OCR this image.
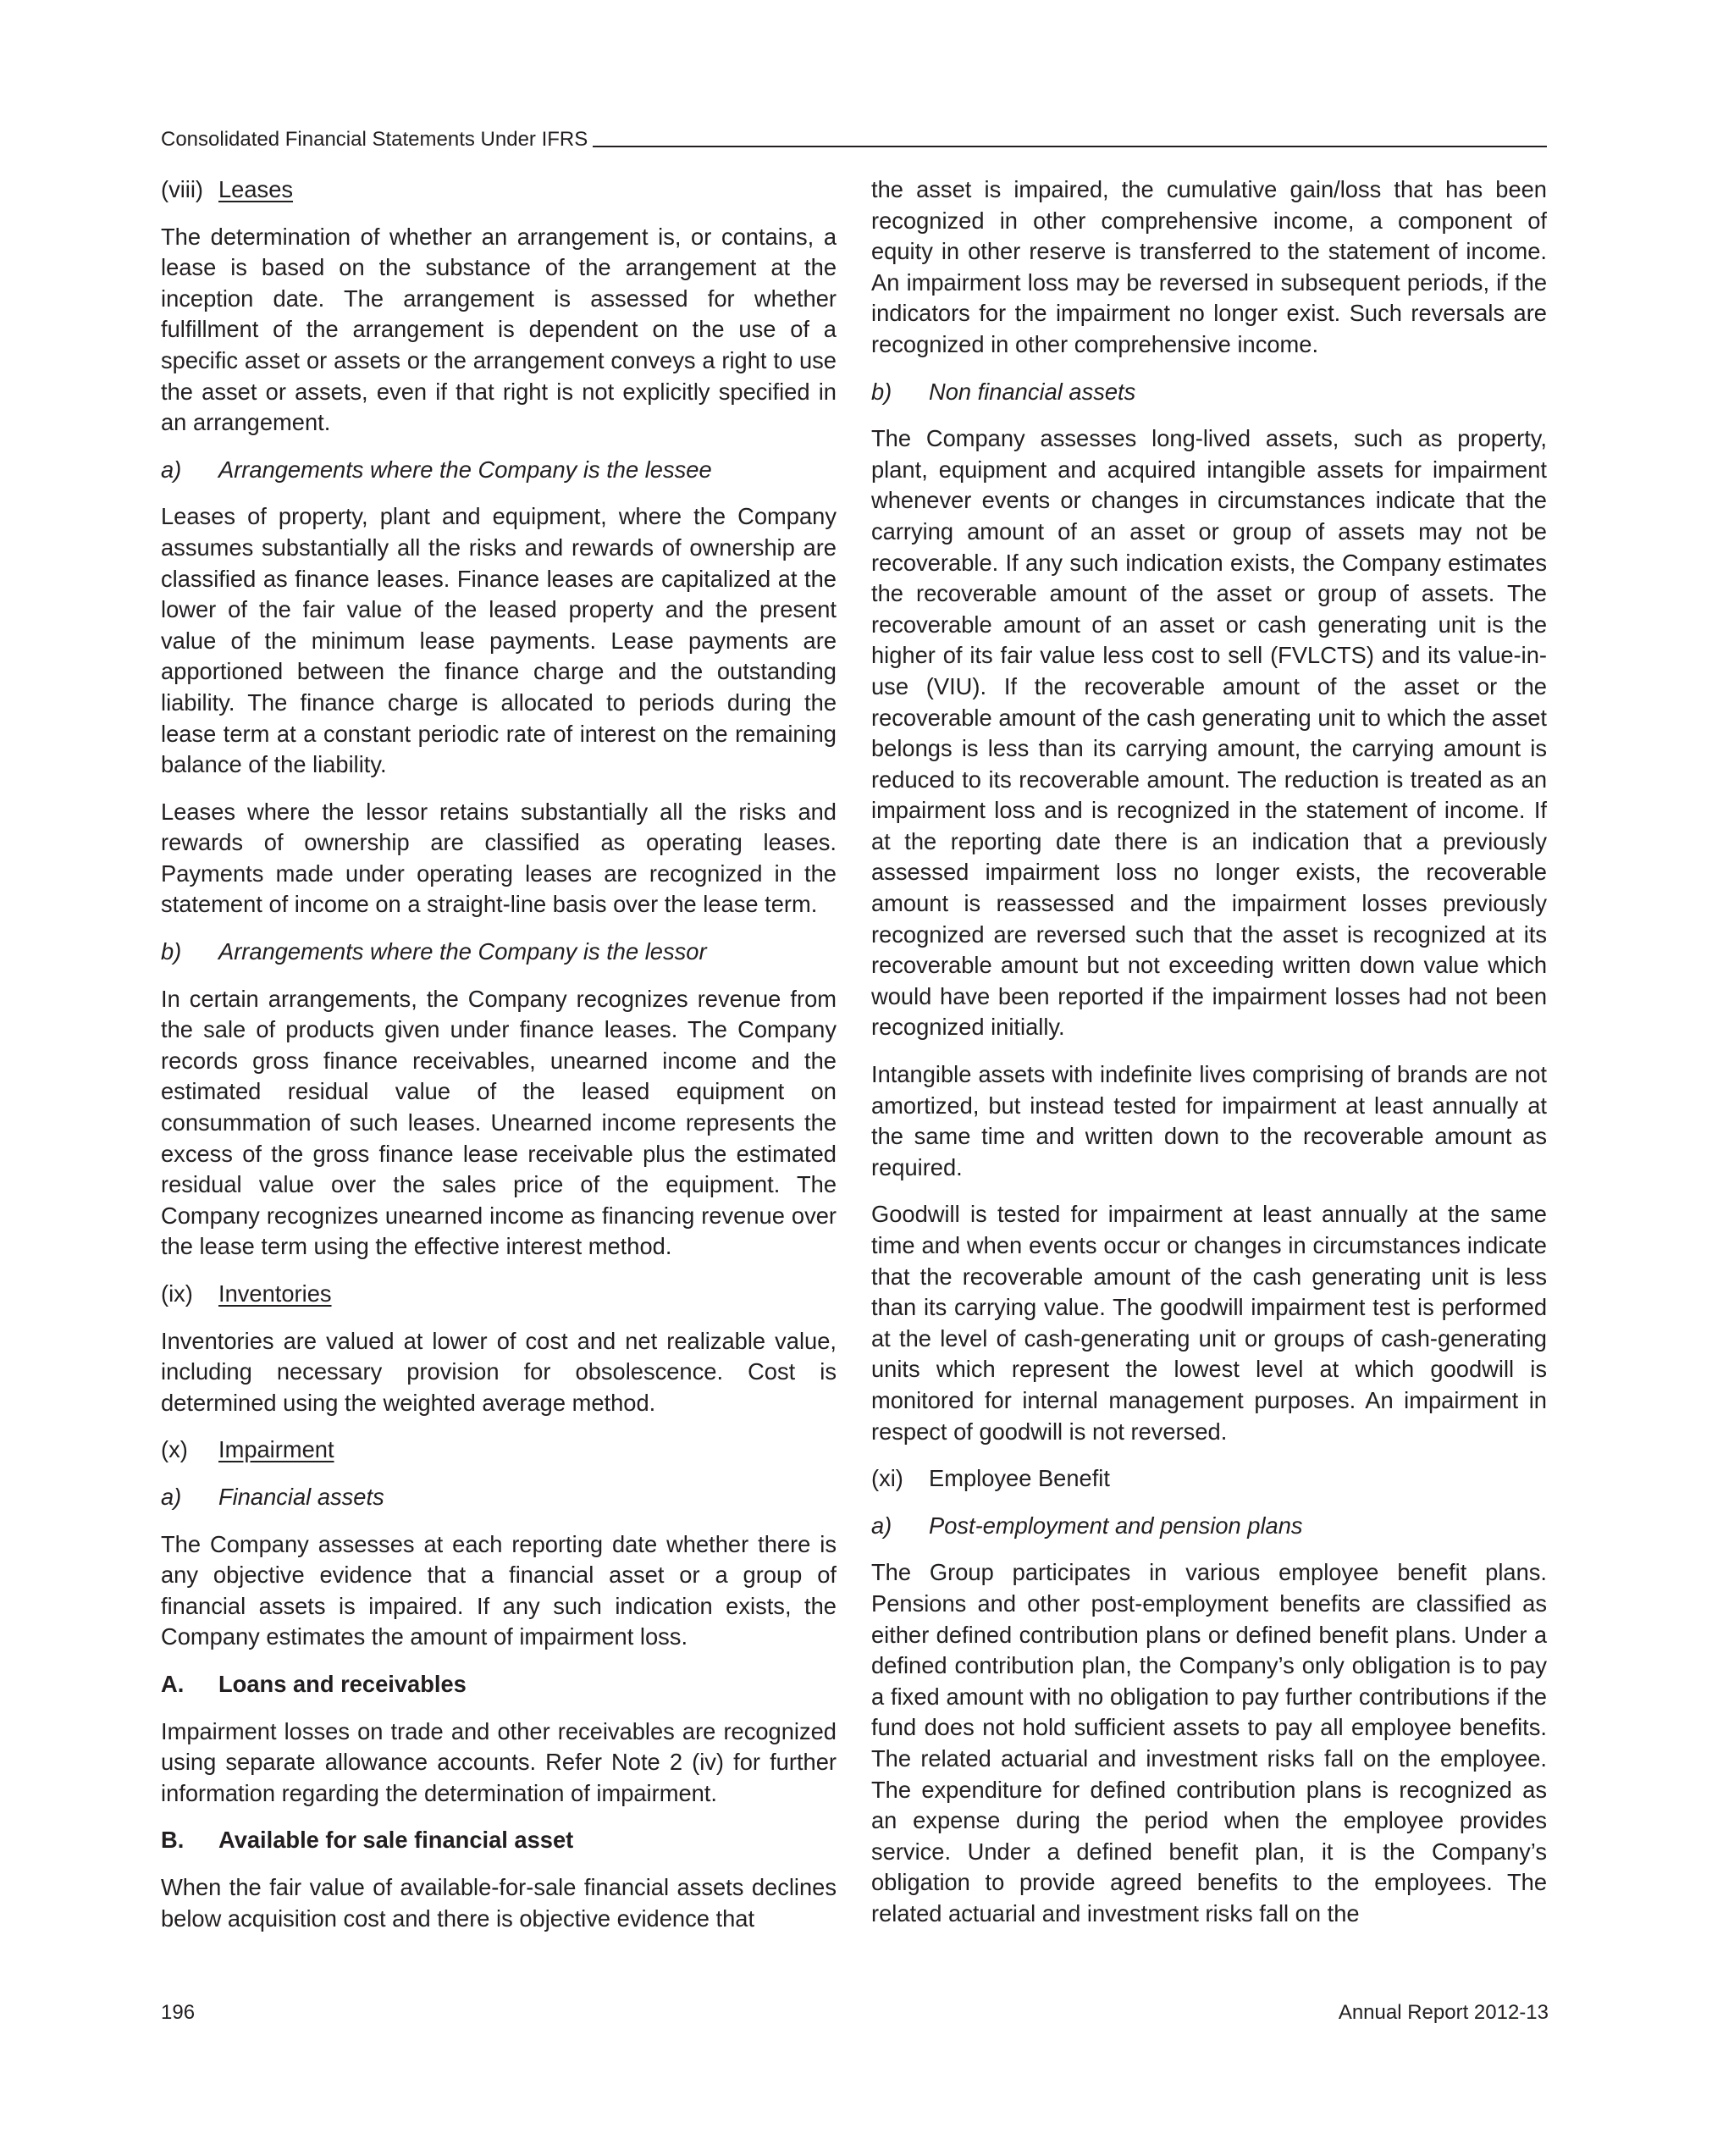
Consolidated Financial Statements Under IFRS
(viii) Leases

The determination of whether an arrangement is, or contains, a lease is based on the substance of the arrangement at the inception date. The arrangement is assessed for whether fulfillment of the arrangement is dependent on the use of a specific asset or assets or the arrangement conveys a right to use the asset or assets, even if that right is not explicitly specified in an arrangement.

a)	Arrangements where the Company is the lessee

Leases of property, plant and equipment, where the Company assumes substantially all the risks and rewards of ownership are classified as finance leases. Finance leases are capitalized at the lower of the fair value of the leased property and the present value of the minimum lease payments. Lease payments are apportioned between the finance charge and the outstanding liability. The finance charge is allocated to periods during the lease term at a constant periodic rate of interest on the remaining balance of the liability.

Leases where the lessor retains substantially all the risks and rewards of ownership are classified as operating leases. Payments made under operating leases are recognized in the statement of income on a straight-line basis over the lease term.

b)	Arrangements where the Company is the lessor

In certain arrangements, the Company recognizes revenue from the sale of products given under finance leases. The Company records gross finance receivables, unearned income and the estimated residual value of the leased equipment on consummation of such leases. Unearned income represents the excess of the gross finance lease receivable plus the estimated residual value over the sales price of the equipment. The Company recognizes unearned income as financing revenue over the lease term using the effective interest method.

(ix)	Inventories

Inventories are valued at lower of cost and net realizable value, including necessary provision for obsolescence. Cost is determined using the weighted average method.

(x)	Impairment
a)	Financial assets

The Company assesses at each reporting date whether there is any objective evidence that a financial asset or a group of financial assets is impaired. If any such indication exists, the Company estimates the amount of impairment loss.

A.	Loans and receivables

Impairment losses on trade and other receivables are recognized using separate allowance accounts. Refer Note 2 (iv) for further information regarding the determination of impairment.

B.	Available for sale financial asset

When the fair value of available-for-sale financial assets declines below acquisition cost and there is objective evidence that

the asset is impaired, the cumulative gain/loss that has been recognized in other comprehensive income, a component of equity in other reserve is transferred to the statement of income. An impairment loss may be reversed in subsequent periods, if the indicators for the impairment no longer exist. Such reversals are recognized in other comprehensive income.

b)	Non financial assets

The Company assesses long-lived assets, such as property, plant, equipment and acquired intangible assets for impairment whenever events or changes in circumstances indicate that the carrying amount of an asset or group of assets may not be recoverable. If any such indication exists, the Company estimates the recoverable amount of the asset or group of assets. The recoverable amount of an asset or cash generating unit is the higher of its fair value less cost to sell (FVLCTS) and its value-in-use (VIU). If the recoverable amount of the asset or the recoverable amount of the cash generating unit to which the asset belongs is less than its carrying amount, the carrying amount is reduced to its recoverable amount. The reduction is treated as an impairment loss and is recognized in the statement of income. If at the reporting date there is an indication that a previously assessed impairment loss no longer exists, the recoverable amount is reassessed and the impairment losses previously recognized are reversed such that the asset is recognized at its recoverable amount but not exceeding written down value which would have been reported if the impairment losses had not been recognized initially.

Intangible assets with indefinite lives comprising of brands are not amortized, but instead tested for impairment at least annually at the same time and written down to the recoverable amount as required.

Goodwill is tested for impairment at least annually at the same time and when events occur or changes in circumstances indicate that the recoverable amount of the cash generating unit is less than its carrying value. The goodwill impairment test is performed at the level of cash-generating unit or groups of cash-generating units which represent the lowest level at which goodwill is monitored for internal management purposes. An impairment in respect of goodwill is not reversed.

(xi)	Employee Benefit
a)	Post-employment and pension plans

The Group participates in various employee benefit plans. Pensions and other post-employment benefits are classified as either defined contribution plans or defined benefit plans. Under a defined contribution plan, the Company’s only obligation is to pay a fixed amount with no obligation to pay further contributions if the fund does not hold sufficient assets to pay all employee benefits. The related actuarial and investment risks fall on the employee. The expenditure for defined contribution plans is recognized as an expense during the period when the employee provides service. Under a defined benefit plan, it is the Company’s obligation to provide agreed benefits to the employees. The related actuarial and investment risks fall on the

196	Annual Report 2012-13
